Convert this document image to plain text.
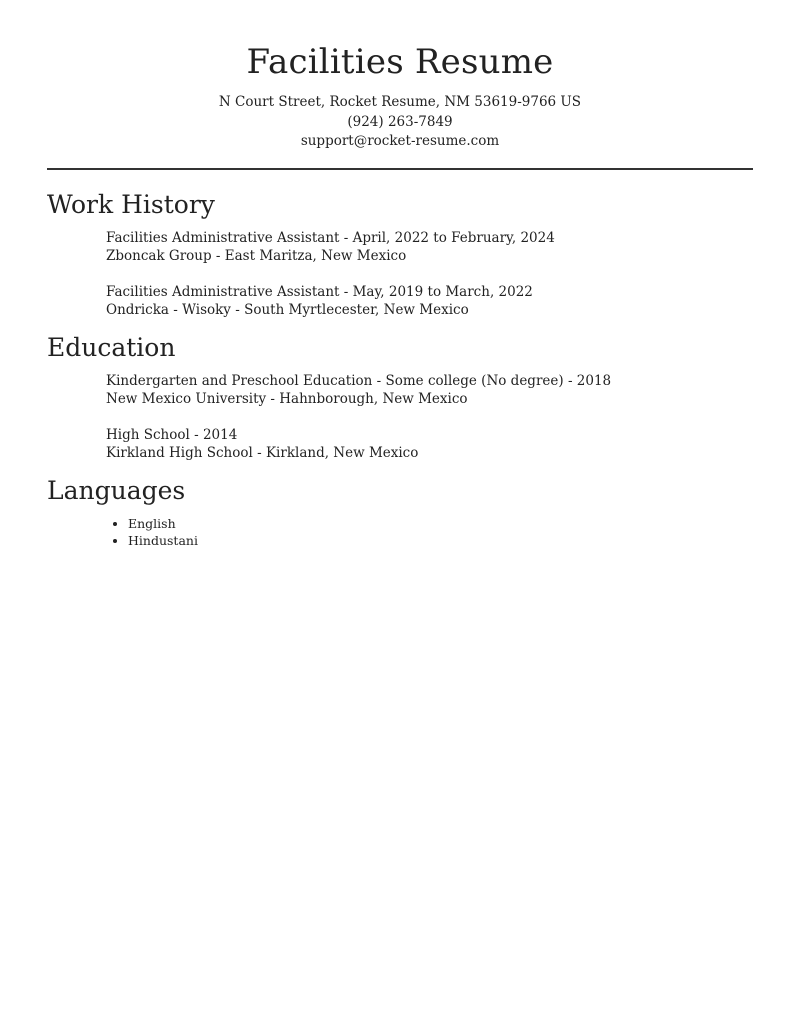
Facilities Resume

N Court Street, Rocket Resume, NM 53619-9766 US

(924) 263-7849

support@rocket-resume.com

Work History
Facilities Administrative Assistant - April, 2022 to February, 2024
Zboncak Group - East Maritza, New Mexico
Facilities Administrative Assistant - May, 2019 to March, 2022
Ondricka - Wisoky - South Myrtlecester, New Mexico
Education
Kindergarten and Preschool Education - Some college (No degree) - 2018
New Mexico University - Hahnborough, New Mexico
High School - 2014
Kirkland High School - Kirkland, New Mexico
Languages
• English
• Hindustani
